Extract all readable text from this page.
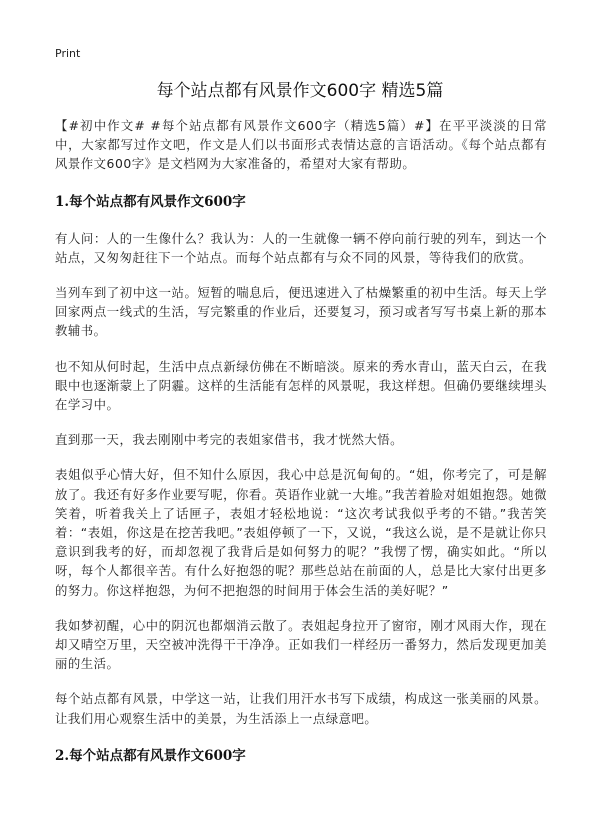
Print
每个站点都有风景作文600字 精选5篇

【#初中作文# #每个站点都有风景作文600字（精选5篇）#】在平平淡淡的日常中，大家都写过作文吧，作文是人们以书面形式表情达意的言语活动。《每个站点都有风景作文600字》是文档网为大家准备的，希望对大家有帮助。

1.每个站点都有风景作文600字

有人问：人的一生像什么？我认为：人的一生就像一辆不停向前行驶的列车，到达一个站点，又匆匆赶往下一个站点。而每个站点都有与众不同的风景，等待我们的欣赏。

当列车到了初中这一站。短暂的喘息后，便迅速进入了枯燥繁重的初中生活。每天上学回家两点一线式的生活，写完繁重的作业后，还要复习，预习或者写写书桌上新的那本教辅书。

也不知从何时起，生活中点点新绿仿佛在不断暗淡。原来的秀水青山，蓝天白云，在我眼中也逐渐蒙上了阴霾。这样的生活能有怎样的风景呢，我这样想。但确仍要继续埋头在学习中。

直到那一天，我去刚刚中考完的表姐家借书，我才恍然大悟。

表姐似乎心情大好，但不知什么原因，我心中总是沉甸甸的。“姐，你考完了，可是解放了。我还有好多作业要写呢，你看。英语作业就一大堆。”我苦着脸对姐姐抱怨。她微笑着，听着我关上了话匣子，表姐才轻松地说：“这次考试我似乎考的不错。”我苦笑着：“表姐，你这是在挖苦我吧。”表姐停顿了一下，又说，“我这么说，是不是就让你只意识到我考的好，而却忽视了我背后是如何努力的呢？”我愣了愣，确实如此。“所以呀，每个人都很辛苦。有什么好抱怨的呢？那些总站在前面的人，总是比大家付出更多的努力。你这样抱怨，为何不把抱怨的时间用于体会生活的美好呢？”

我如梦初醒，心中的阴沉也都烟消云散了。表姐起身拉开了窗帘，刚才风雨大作，现在却又晴空万里，天空被冲洗得干干净净。正如我们一样经历一番努力，然后发现更加美丽的生活。

每个站点都有风景，中学这一站，让我们用汗水书写下成绩，构成这一张美丽的风景。让我们用心观察生活中的美景，为生活添上一点绿意吧。

2.每个站点都有风景作文600字
